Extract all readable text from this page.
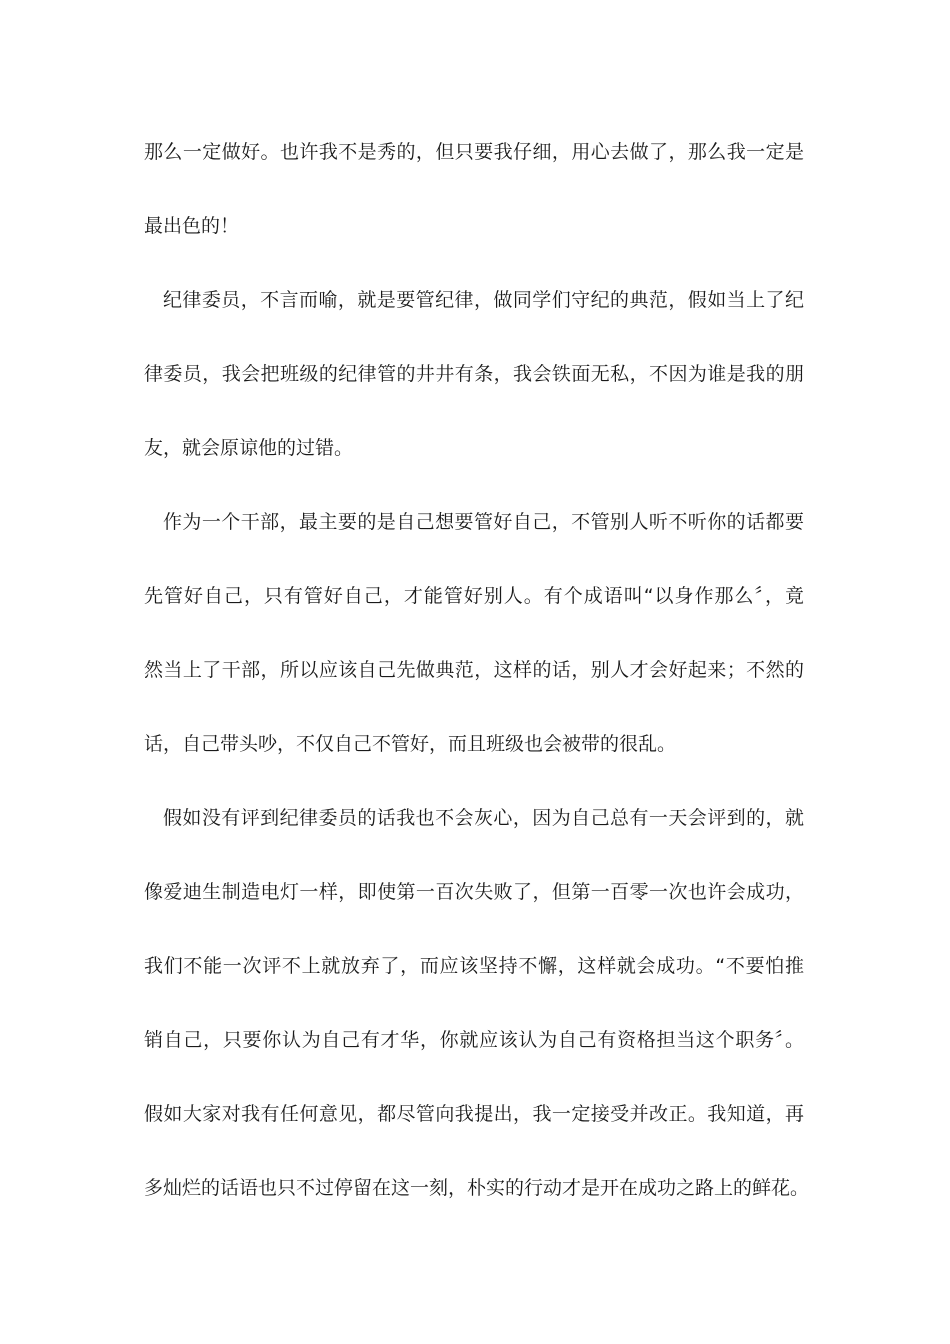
那么一定做好。也许我不是秀的，但只要我仔细，用心去做了，那么我一定是
最出色的！
纪律委员，不言而喻，就是要管纪律，做同学们守纪的典范，假如当上了纪
律委员，我会把班级的纪律管的井井有条，我会铁面无私，不因为谁是我的朋
友，就会原谅他的过错。
作为一个干部，最主要的是自己想要管好自己，不管别人听不听你的话都要
先管好自己，只有管好自己，才能管好别人。有个成语叫“以身作那么〞，竟
然当上了干部，所以应该自己先做典范，这样的话，别人才会好起来；不然的
话，自己带头吵，不仅自己不管好，而且班级也会被带的很乱。
假如没有评到纪律委员的话我也不会灰心，因为自己总有一天会评到的，就
像爱迪生制造电灯一样，即使第一百次失败了，但第一百零一次也许会成功，
我们不能一次评不上就放弃了，而应该坚持不懈，这样就会成功。“不要怕推
销自己，只要你认为自己有才华，你就应该认为自己有资格担当这个职务〞。
假如大家对我有任何意见，都尽管向我提出，我一定接受并改正。我知道，再
多灿烂的话语也只不过停留在这一刻，朴实的行动才是开在成功之路上的鲜花。
